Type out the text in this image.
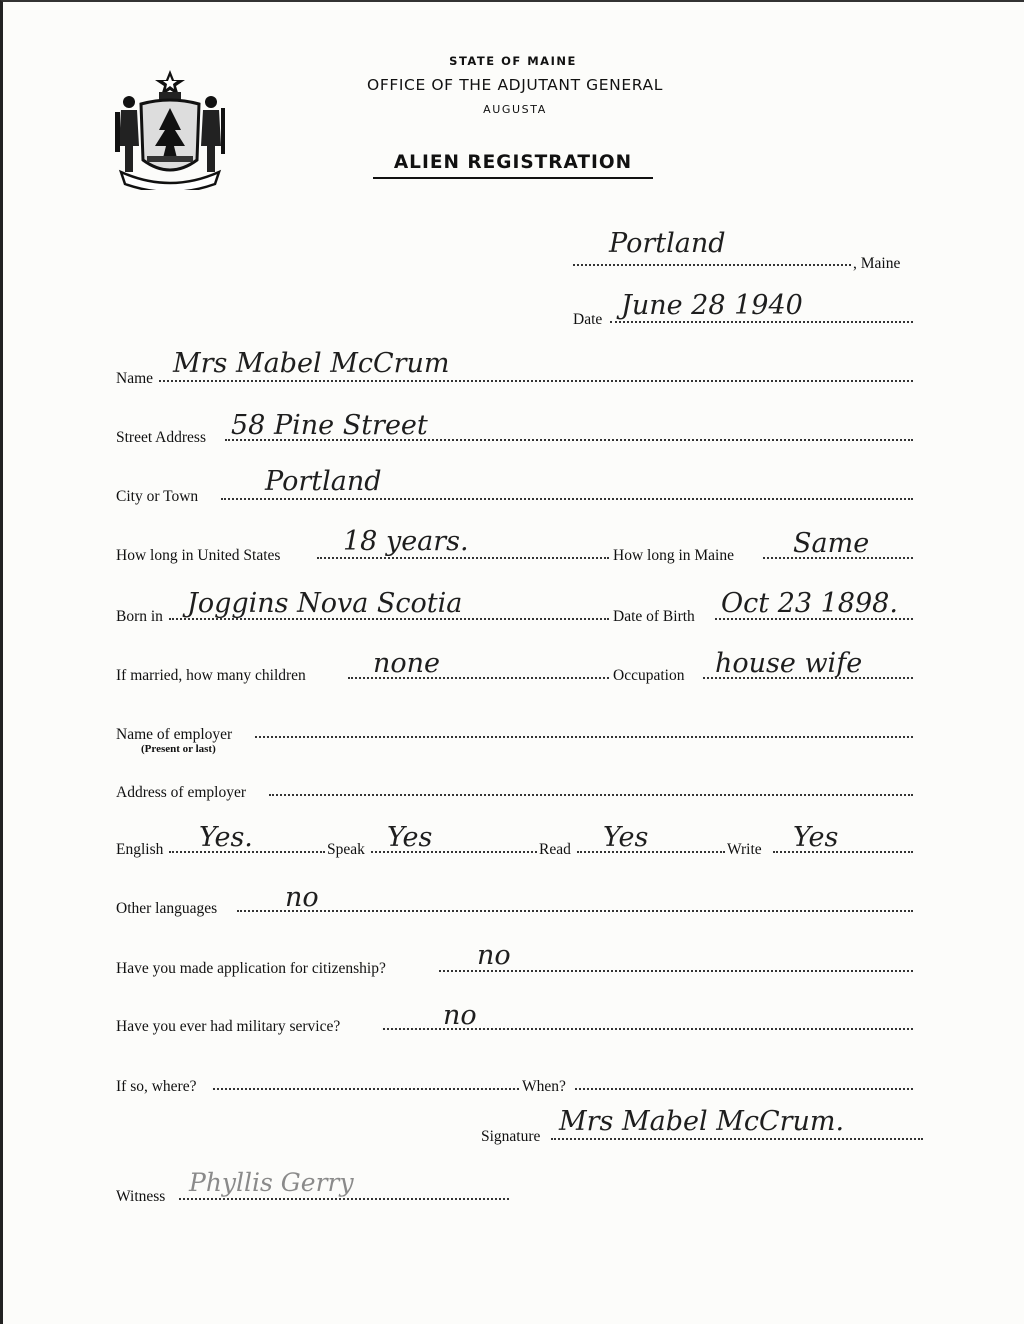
STATE OF MAINE
OFFICE OF THE ADJUTANT GENERAL
AUGUSTA
ALIEN REGISTRATION
Portland
, Maine
Date June 28 1940
Name Mrs Mabel McCrum
Street Address 58 Pine Street
City or Town Portland
How long in United States 18 years.	How long in Maine Same
Born in Joggins Nova Scotia	Date of Birth Oct 23 1898.
If married, how many children none	Occupation house wife
Name of employer
(Present or last)
Address of employer
English Yes.	Speak Yes	Read Yes	Write Yes
Other languages	no
Have you made application for citizenship?	no
Have you ever had military service?	no
If so, where?	When?
Signature Mrs Mabel McCrum.
Witness Phyllis Gerry
